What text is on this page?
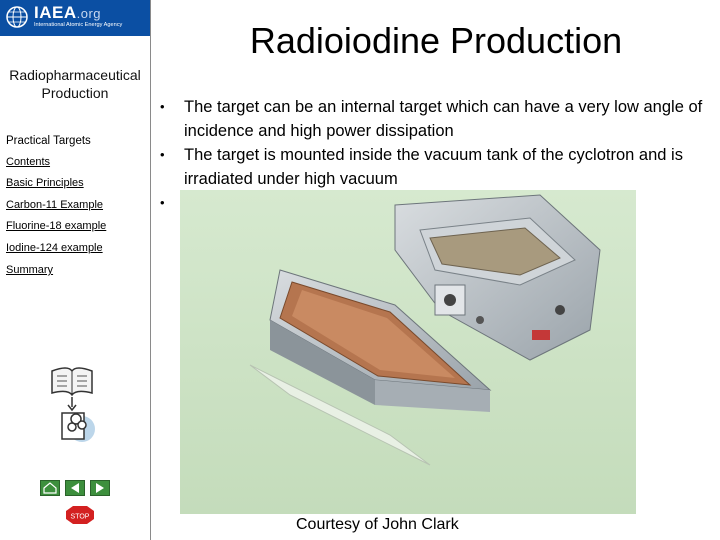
IAEA.org
International Atomic Energy Agency
Radiopharmaceutical Production
Practical Targets
Contents
Basic Principles
Carbon-11 Example
Fluorine-18 example
Iodine-124 example
Summary
STOP
Radioiodine Production
• The target can be an internal target which can have a very low angle of incidence and high power dissipation
• The target is mounted inside the vacuum tank of the cyclotron and is irradiated under high vacuum
•
Courtesy of John Clark
